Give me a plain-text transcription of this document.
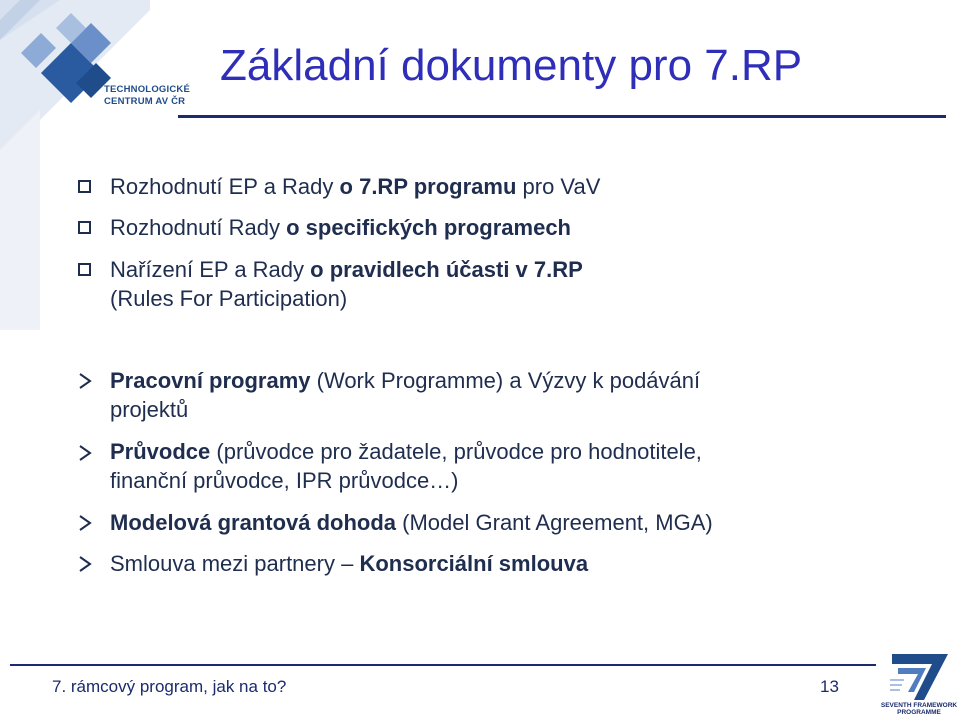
TECHNOLOGICKÉ
CENTRUM AV ČR
Základní dokumenty pro 7.RP
Rozhodnutí EP a Rady o 7.RP programu pro VaV
Rozhodnutí Rady o specifických programech
Nařízení EP a Rady o pravidlech účasti v 7.RP
(Rules For Participation)
Pracovní programy (Work Programme) a Výzvy k podávání
projektů
Průvodce (průvodce pro žadatele, průvodce pro hodnotitele,
finanční průvodce, IPR průvodce…)
Modelová grantová dohoda (Model Grant Agreement, MGA)
Smlouva mezi partnery – Konsorciální smlouva
7. rámcový program, jak na to?	13
SEVENTH FRAMEWORK
PROGRAMME
